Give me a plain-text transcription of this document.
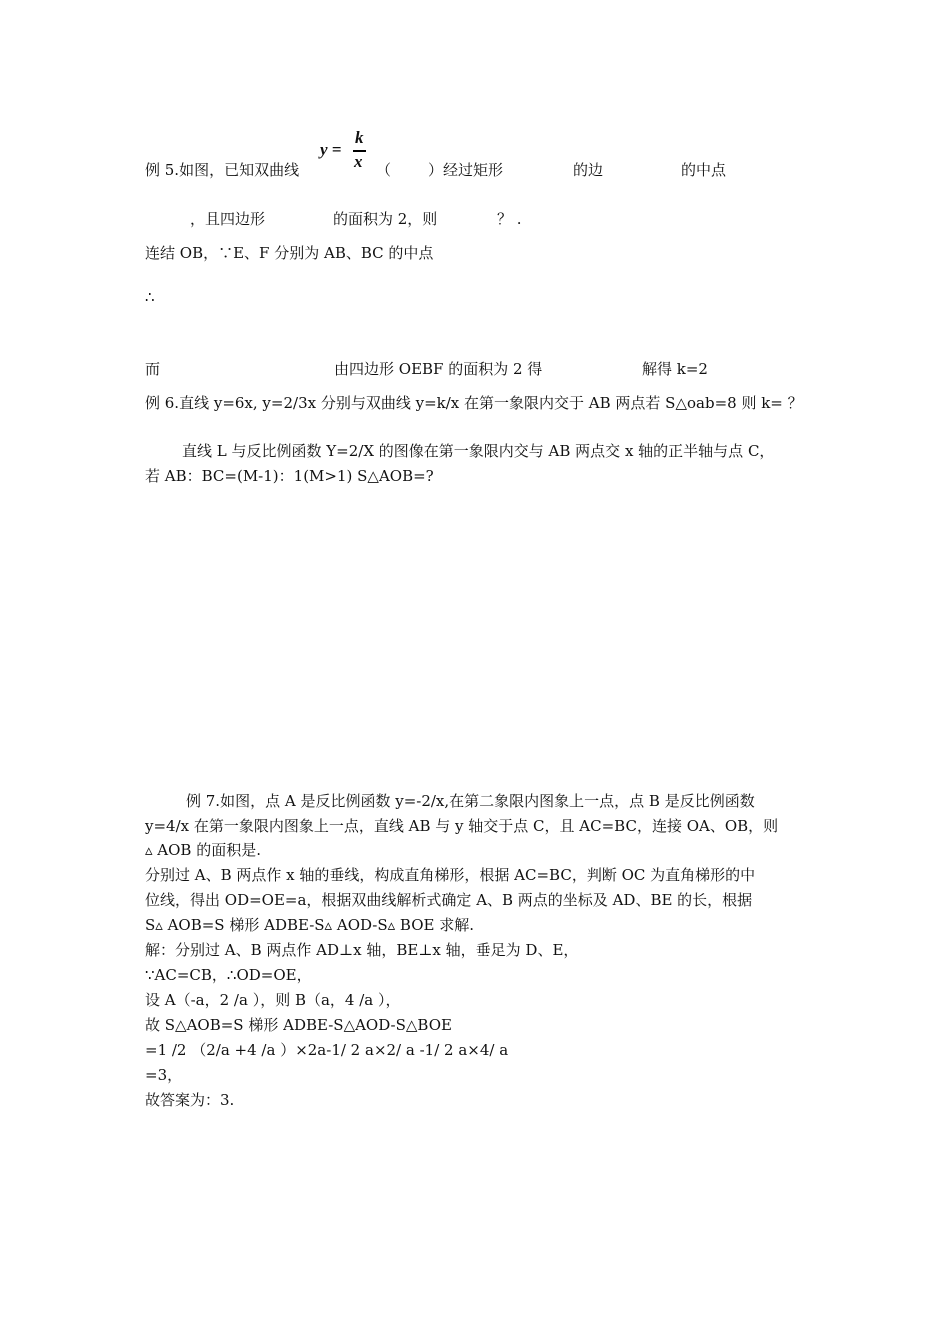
例 5.如图，已知双曲线
y =
k
x （ ）经过矩形	的边	的中点
，且四边形	的面积为 2，则	？ .
连结 OB，∵E、F 分别为 AB、BC 的中点
∴
而	由四边形 OEBF 的面积为 2 得	解得 k=2
例 6.直线 y=6x, y=2/3x 分别与双曲线 y=k/x 在第一象限内交于 AB 两点若 S△oab=8 则 k= ？
直线 L 与反比例函数 Y=2/X 的图像在第一象限内交与 AB 两点交 x 轴的正半轴与点 C，
若 AB：BC=(M-1)：1(M>1) S△AOB=?
例 7.如图，点 A 是反比例函数 y=-2/x,在第二象限内图象上一点，点 B 是反比例函数
y=4/x 在第一象限内图象上一点，直线 AB 与 y 轴交于点 C，且 AC=BC，连接 OA、OB，则
▵ AOB 的面积是.
分别过 A、B 两点作 x 轴的垂线，构成直角梯形，根据 AC=BC，判断 OC 为直角梯形的中
位线，得出 OD=OE=a，根据双曲线解析式确定 A、B 两点的坐标及 AD、BE 的长，根据
S▵ AOB=S 梯形 ADBE-S▵ AOD-S▵ BOE 求解.
解：分别过 A、B 两点作 AD⊥x 轴，BE⊥x 轴，垂足为 D、E，
∵AC=CB，∴OD=OE，
设 A（-a，2 /a ），则 B（a，4 /a ），
故 S△AOB=S 梯形 ADBE-S△AOD-S△BOE
=1 /2 （2/a +4 /a ）×2a-1/ 2 a×2/ a -1/ 2 a×4/ a
=3，
故答案为：3.
